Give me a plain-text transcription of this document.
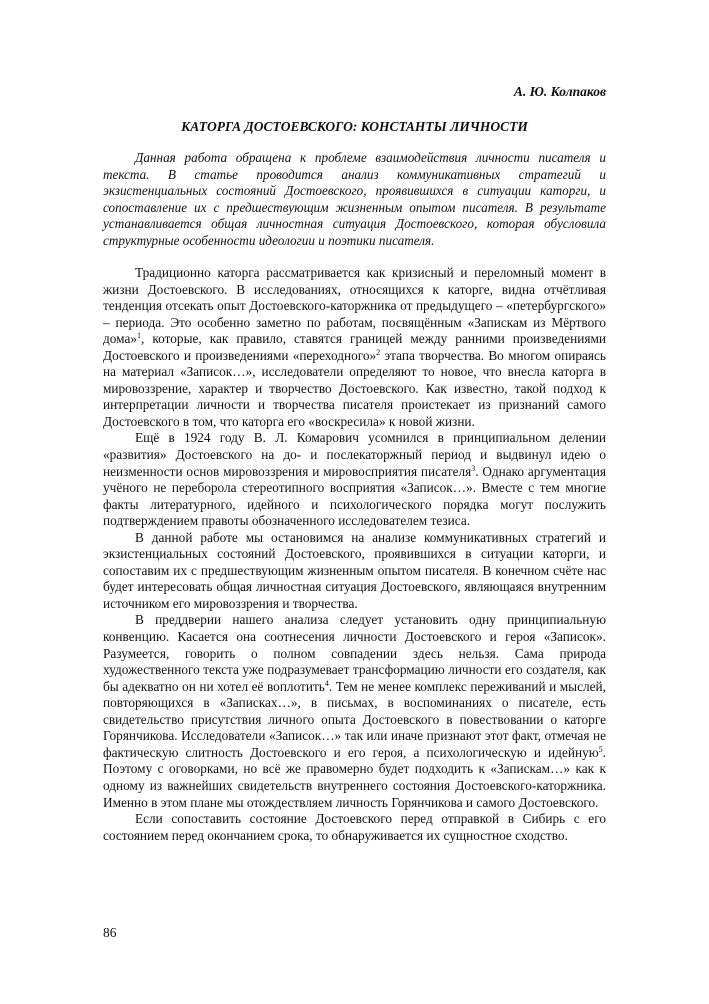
А. Ю. Колпаков
КАТОРГА ДОСТОЕВСКОГО: КОНСТАНТЫ ЛИЧНОСТИ

Данная работа обращена к проблеме взаимодействия личности писателя и текста. В статье проводится анализ коммуникативных стратегий и экзистенциальных состояний Достоевского, проявившихся в ситуации каторги, и сопоставление их с предшествующим жизненным опытом писателя. В результате устанавливается общая личностная ситуация Достоевского, которая обусловила структурные особенности идеологии и поэтики писателя.

Традиционно каторга рассматривается как кризисный и переломный момент в жизни Достоевского. В исследованиях, относящихся к каторге, видна отчётливая тенденция отсекать опыт Достоевского-каторжника от предыдущего – «петербургского» – периода. Это особенно заметно по работам, посвящённым «Запискам из Мёртвого дома»$^1$, которые, как правило, ставятся границей между ранними произведениями Достоевского и произведениями «переходного»$^2$ этапа творчества. Во многом опираясь на материал «Записок…», исследователи определяют то новое, что внесла каторга в мировоззрение, характер и творчество Достоевского. Как известно, такой подход к интерпретации личности и творчества писателя проистекает из признаний самого Достоевского в том, что каторга его «воскресила» к новой жизни.

Ещё в 1924 году В. Л. Комарович усомнился в принципиальном делении «развития» Достоевского на до- и послекаторжный период и выдвинул идею о неизменности основ мировоззрения и мировосприятия писателя$^3$. Однако аргументация учёного не переборола стереотипного восприятия «Записок…». Вместе с тем многие факты литературного, идейного и психологического порядка могут послужить подтверждением правоты обозначенного исследователем тезиса.

В данной работе мы остановимся на анализе коммуникативных стратегий и экзистенциальных состояний Достоевского, проявившихся в ситуации каторги, и сопоставим их с предшествующим жизненным опытом писателя. В конечном счёте нас будет интересовать общая личностная ситуация Достоевского, являющаяся внутренним источником его мировоззрения и творчества.

В преддверии нашего анализа следует установить одну принципиальную конвенцию. Касается она соотнесения личности Достоевского и героя «Записок». Разумеется, говорить о полном совпадении здесь нельзя. Сама природа художественного текста уже подразумевает трансформацию личности его создателя, как бы адекватно он ни хотел её воплотить$^4$. Тем не менее комплекс переживаний и мыслей, повторяющихся в «Записках…», в письмах, в воспоминаниях о писателе, есть свидетельство присутствия личного опыта Достоевского в повествовании о каторге Горянчикова. Исследователи «Записок…» так или иначе признают этот факт, отмечая не фактическую слитность Достоевского и его героя, а психологическую и идейную$^5$. Поэтому с оговорками, но всё же правомерно будет подходить к «Запискам…» как к одному из важнейших свидетельств внутреннего состояния Достоевского-каторжника. Именно в этом плане мы отождествляем личность Горянчикова и самого Достоевского.

Если сопоставить состояние Достоевского перед отправкой в Сибирь с его состоянием перед окончанием срока, то обнаруживается их сущностное сходство.

86
